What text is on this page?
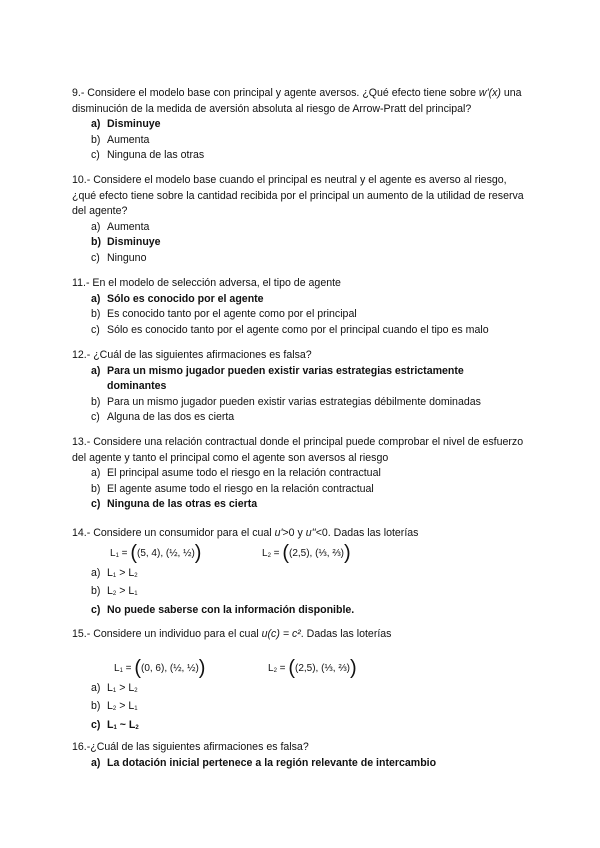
9.- Considere el modelo base con principal y agente aversos. ¿Qué efecto tiene sobre w'(x) una disminución de la medida de aversión absoluta al riesgo de Arrow-Pratt del principal?

a) Disminuye
b) Aumenta
c) Ninguna de las otras

10.- Considere el modelo base cuando el principal es neutral y el agente es averso al riesgo, ¿qué efecto tiene sobre la cantidad recibida por el principal un aumento de la utilidad de reserva del agente?

a) Aumenta
b) Disminuye
c) Ninguno

11.- En el modelo de selección adversa, el tipo de agente

a) Sólo es conocido por el agente
b) Es conocido tanto por el agente como por el principal
c) Sólo es conocido tanto por el agente como por el principal cuando el tipo es malo

12.- ¿Cuál de las siguientes afirmaciones es falsa?

a) Para un mismo jugador pueden existir varias estrategias estrictamente dominantes
b) Para un mismo jugador pueden existir varias estrategias débilmente dominadas
c) Alguna de las dos es cierta

13.- Considere una relación contractual donde el principal puede comprobar el nivel de esfuerzo del agente y tanto el principal como el agente son aversos al riesgo

a) El principal asume todo el riesgo en la relación contractual
b) El agente asume todo el riesgo en la relación contractual
c) Ninguna de las otras es cierta

14.- Considere un consumidor para el cual u'>0 y u''<0. Dadas las loterías

$L_1 = ((5$, 4), (½, ½))	$L_2 = ((2,5)$, (⅓, ⅔))
a) $L_1 > L_2$
b) $L_2 > L_1$
c) No puede saberse con la información disponible.

15.- Considere un individuo para el cual u(c) = c². Dadas las loterías

$L_1 = ((0$, 6), (½, ½))	$L_2 = ((2,5)$, (⅓, ⅔))
a) $L_1 > L_2$
b) $L_2 > L_1$
c) $L_1$ ~ $L_2$

16.-¿Cuál de las siguientes afirmaciones es falsa?

a) La dotación inicial pertenece a la región relevante de intercambio
